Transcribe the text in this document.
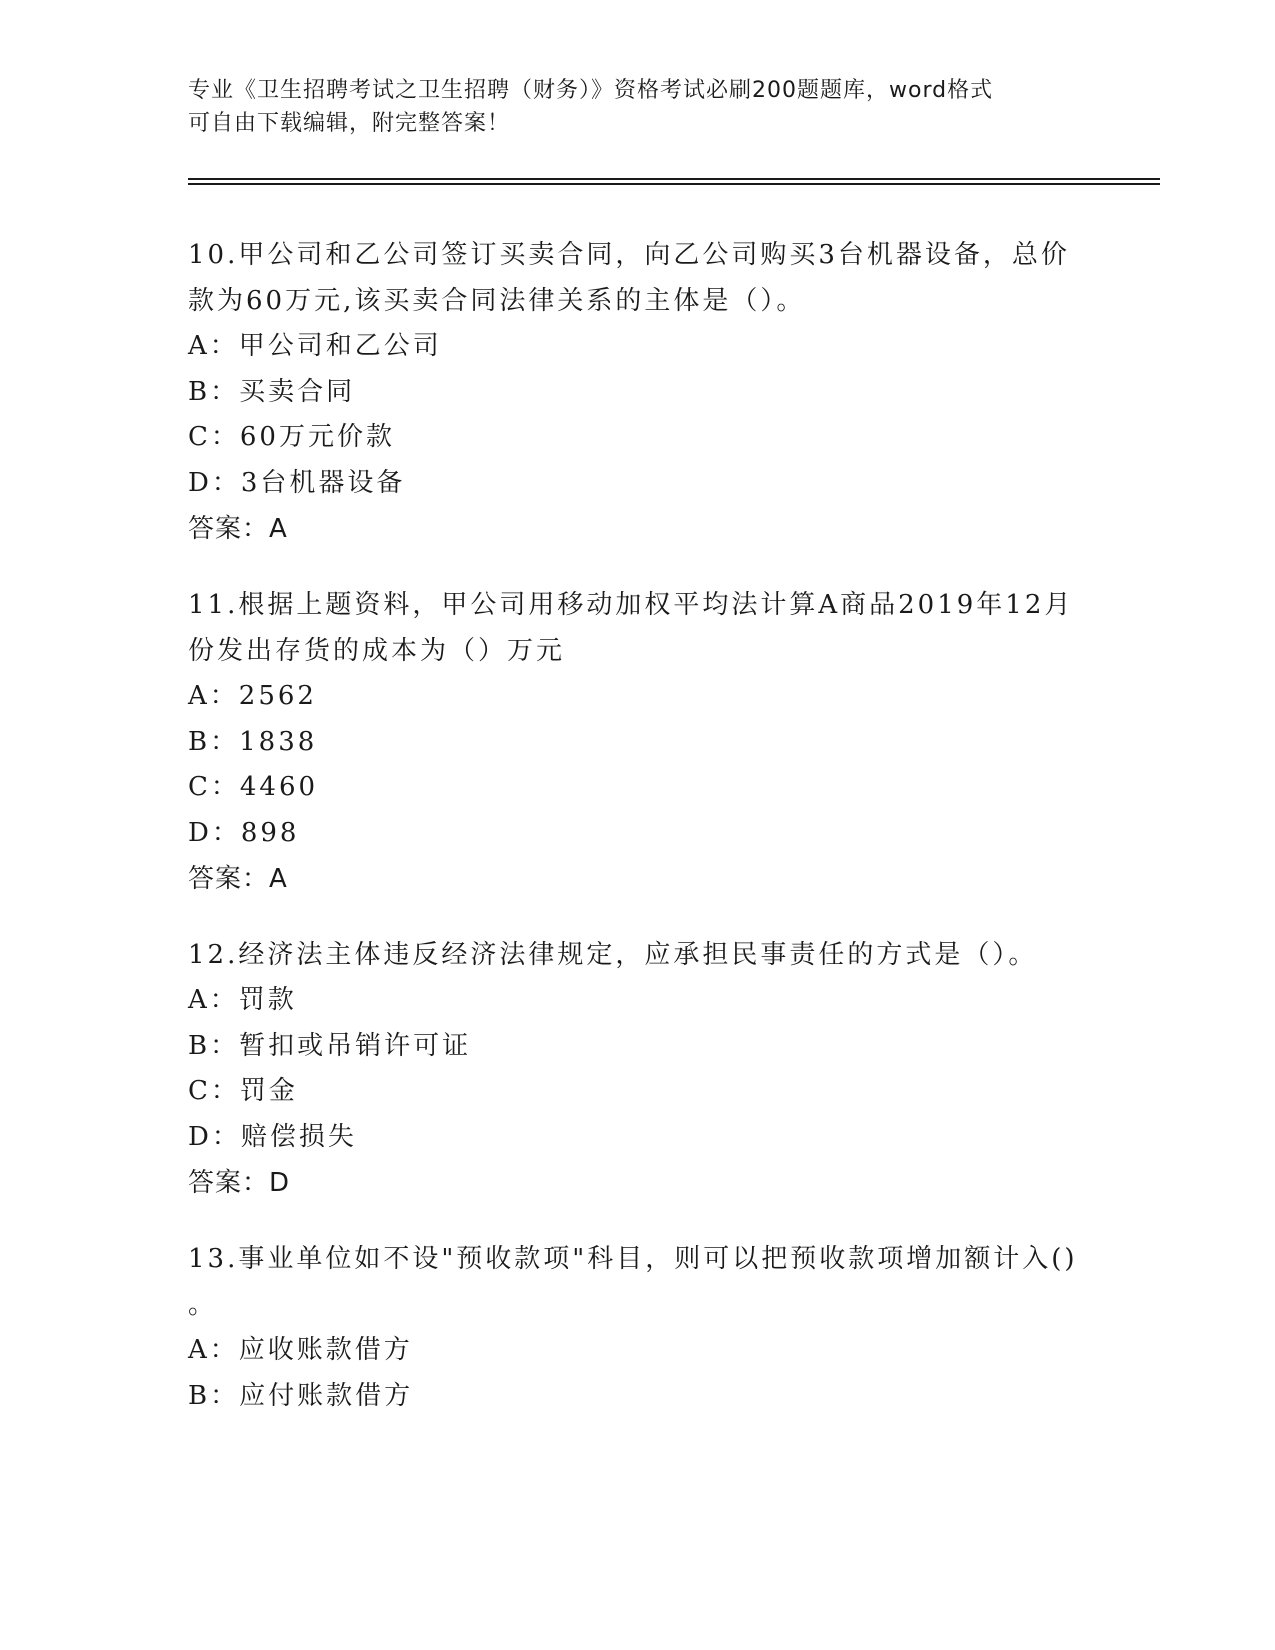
专业《卫生招聘考试之卫生招聘（财务）》资格考试必刷200题题库，word格式
可自由下载编辑，附完整答案！

10.甲公司和乙公司签订买卖合同，向乙公司购买3台机器设备，总价
款为60万元,该买卖合同法律关系的主体是（）。

A：甲公司和乙公司

B：买卖合同

C：60万元价款

D：3台机器设备

答案：A

11.根据上题资料，甲公司用移动加权平均法计算A商品2019年12月
份发出存货的成本为（）万元

A：2562

B：1838

C：4460

D：898

答案：A

12.经济法主体违反经济法律规定，应承担民事责任的方式是（）。

A：罚款

B：暂扣或吊销许可证

C：罚金

D：赔偿损失

答案：D

13.事业单位如不设"预收款项"科目，则可以把预收款项增加额计入()
。

A：应收账款借方

B：应付账款借方
